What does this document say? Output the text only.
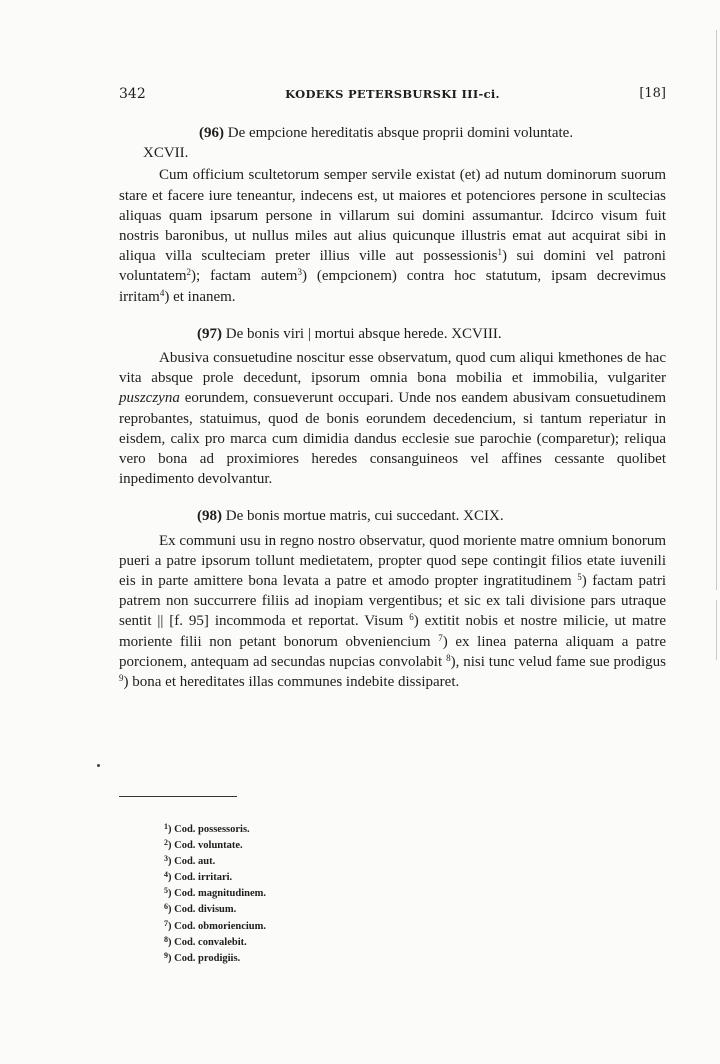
342	KODEKS PETERSBURSKI III-ci.	[18]

(96) De empcione hereditatis absque proprii domini voluntate.
XCVII.

Cum officium scultetorum semper servile existat (et) ad nutum dominorum suorum stare et facere iure teneantur, indecens est, ut maiores et potenciores persone in scultecias aliquas quam ipsarum persone in villarum sui domini assumantur. Idcirco visum fuit nostris baronibus, ut nullus miles aut alius quicunque illustris emat aut acquirat sibi in aliqua villa sculteciam preter illius ville aut possessionis$^1$) sui domini vel patroni voluntatem$^2$); factam autem$^3$) (empcionem) contra hoc statutum, ipsam decrevimus irritam$^4$) et inanem.

(97) De bonis viri | mortui absque herede. XCVIII.

Abusiva consuetudine noscitur esse observatum, quod cum aliqui kmethones de hac vita absque prole decedunt, ipsorum omnia bona mobilia et immobilia, vulgariter puszczyna eorundem, consueverunt occupari. Unde nos eandem abusivam consuetudinem reprobantes, statuimus, quod de bonis eorundem decedencium, si tantum reperiatur in eisdem, calix pro marca cum dimidia dandus ecclesie sue parochie (comparetur); reliqua vero bona ad proximiores heredes consanguineos vel affines cessante quolibet inpedimento devolvantur.

(98) De bonis mortue matris, cui succedant. XCIX.

Ex communi usu in regno nostro observatur, quod moriente matre omnium bonorum pueri a patre ipsorum tollunt medietatem, propter quod sepe contingit filios etate iuvenili eis in parte amittere bona levata a patre et amodo propter ingratitudinem $^5$) factam patri patrem non succurrere filiis ad inopiam vergentibus; et sic ex tali divisione pars utraque sentit || [f. 95] incommoda et reportat. Visum $^6$) extitit nobis et nostre milicie, ut matre moriente filii non petant bonorum obveniencium $^7$) ex linea paterna aliquam a patre porcionem, antequam ad secundas nupcias convolabit $^8$), nisi tunc velud fame sue prodigus $^9$) bona et hereditates illas communes indebite dissiparet.

$^1$) Cod. possessoris.

$^2$) Cod. voluntate.

$^3$) Cod. aut.

$^4$) Cod. irritari.

$^5$) Cod. magnitudinem.

$^6$) Cod. divisum.

$^7$) Cod. obmoriencium.

$^8$) Cod. convalebit.

$^9$) Cod. prodigiis.
